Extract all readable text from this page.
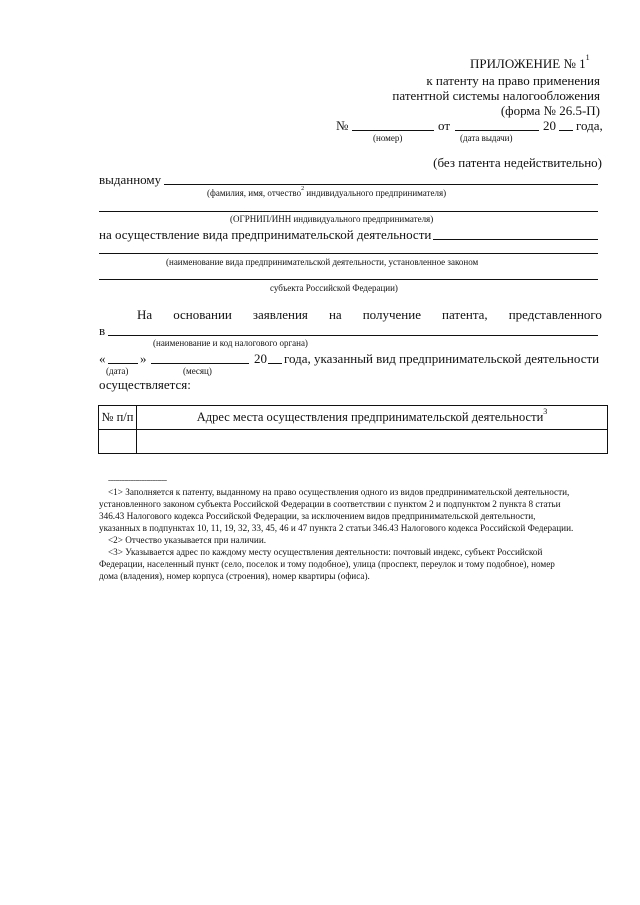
ПРИЛОЖЕНИЕ № $1^1$
к патенту на право применения
патентной системы налогообложения
(форма № 26.5-П)
№	от	20 года,
(номер)	(дата выдачи)
(без патента недействительно)
выданному
(фамилия, имя, отчество$^2$ индивидуального предпринимателя)
(ОГРНИП/ИНН индивидуального предпринимателя)
на осуществление вида предпринимательской деятельности
(наименование вида предпринимательской деятельности, установленное законом
субъекта Российской Федерации)
На основании заявления на получение патента, представленного
в
(наименование и код налогового органа)
«	»	20 года, указанный вид предпринимательской деятельности
(дата)	(месяц)
осуществляется:
№ п/п	Адрес места осуществления предпринимательской деятельности$^3$

--------------------------------
<1> Заполняется к патенту, выданному на право осуществления одного из видов предпринимательской деятельности,
установленного законом субъекта Российской Федерации в соответствии с пунктом 2 и подпунктом 2 пункта 8 статьи
346.43 Налогового кодекса Российской Федерации, за исключением видов предпринимательской деятельности,
указанных в подпунктах 10, 11, 19, 32, 33, 45, 46 и 47 пункта 2 статьи 346.43 Налогового кодекса Российской Федерации.
<2> Отчество указывается при наличии.
<3> Указывается адрес по каждому месту осуществления деятельности: почтовый индекс, субъект Российской
Федерации, населенный пункт (село, поселок и тому подобное), улица (проспект, переулок и тому подобное), номер
дома (владения), номер корпуса (строения), номер квартиры (офиса).
